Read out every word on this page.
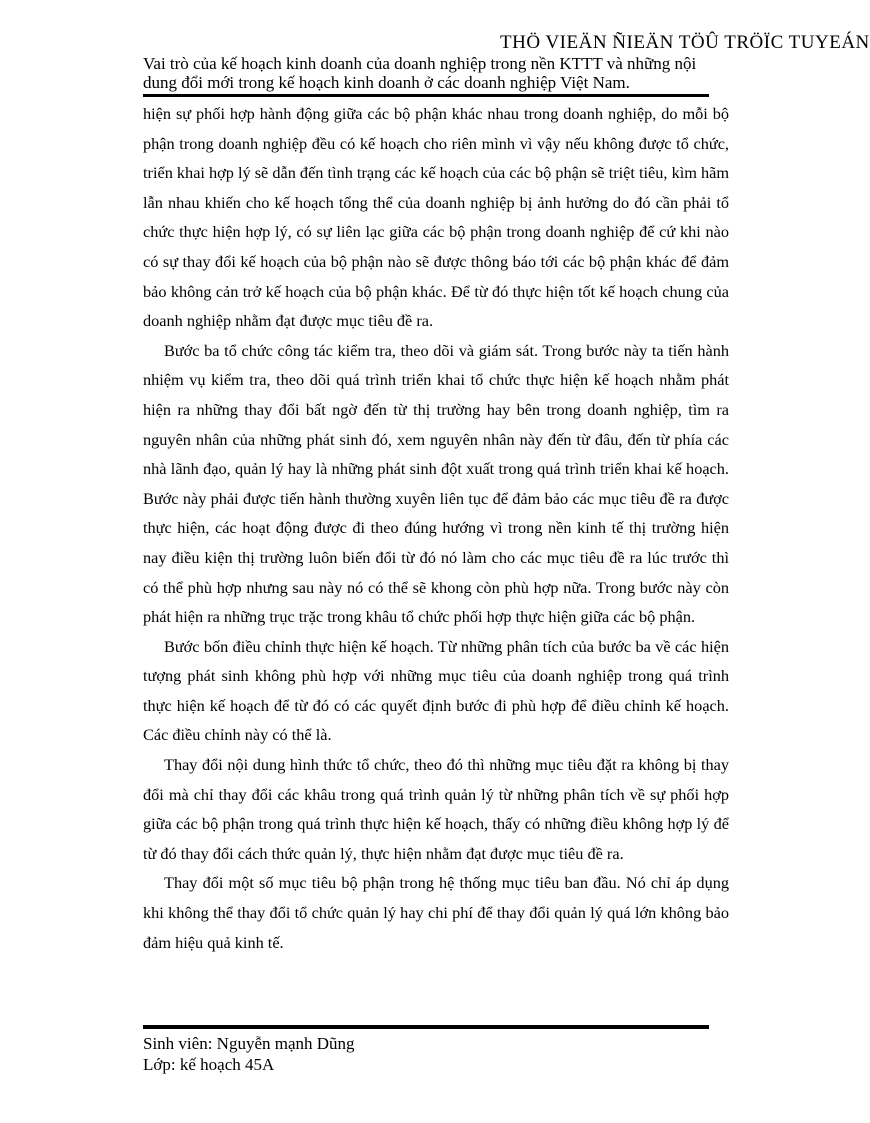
THÖ VIEÄN ÑIEÄN TÖÛ TRÖÏC TUYEÁN
Vai trò của kế hoạch kinh doanh của doanh nghiệp trong nền KTTT và những nội dung đổi mới trong kế hoạch kinh doanh ở các doanh nghiệp Việt Nam.

hiện sự phối hợp hành động giữa các bộ phận khác nhau trong doanh nghiệp, do mỗi bộ phận trong doanh nghiệp đều có kế hoạch cho riên mình vì vậy nếu không được tổ chức, triển khai hợp lý sẽ dẫn đến tình trạng các kế hoạch của các bộ phận sẽ triệt tiêu, kìm hãm lẫn nhau khiến cho kế hoạch tổng thể của doanh nghiệp bị ảnh hưởng do đó cần phải tổ chức thực hiện hợp lý, có sự liên lạc giữa các bộ phận trong doanh nghiệp để cứ khi nào có sự thay đổi kế hoạch của bộ phận nào sẽ được thông báo tới các bộ phận khác để đảm bảo không cản trở kế hoạch của bộ phận khác. Để từ đó thực hiện tốt kế hoạch chung của doanh nghiệp nhằm đạt được mục tiêu đề ra.

Bước ba tổ chức công tác kiểm tra, theo dõi và giám sát. Trong bước này ta tiến hành nhiệm vụ kiểm tra, theo dõi quá trình triển khai tổ chức thực hiện kế hoạch nhằm phát hiện ra những thay đổi bất ngờ đến từ thị trường hay bên trong doanh nghiệp, tìm ra nguyên nhân của những phát sinh đó, xem nguyên nhân này đến từ đâu, đến từ phía các nhà lãnh đạo, quản lý hay là những phát sinh đột xuất trong quá trình triển khai kế hoạch. Bước này phải được tiến hành thường xuyên liên tục để đảm bảo các mục tiêu đề ra được thực hiện, các hoạt động được đi theo đúng hướng vì trong nền kinh tế thị trường hiện nay điều kiện thị trường luôn biến đổi từ đó nó làm cho các mục tiêu đề ra lúc trước thì có thể phù hợp nhưng sau này nó có thể sẽ khong còn phù hợp nữa. Trong bước này còn phát hiện ra những trục trặc trong khâu tổ chức phối hợp thực hiện giữa các bộ phận.

Bước bốn điều chỉnh thực hiện kế hoạch. Từ những phân tích của bước ba về các hiện tượng phát sinh không phù hợp với những mục tiêu của doanh nghiệp trong quá trình thực hiện kế hoạch để từ đó có các quyết định bước đi phù hợp để điều chỉnh kế hoạch. Các điều chỉnh này có thể là.

Thay đổi nội dung hình thức tổ chức, theo đó thì những mục tiêu đặt ra không bị thay đổi mà chỉ thay đổi các khâu trong quá trình quản lý từ những phân tích về sự phối hợp giữa các bộ phận trong quá trình thực hiện kế hoạch, thấy có những điều không hợp lý để từ đó thay đổi cách thức quản lý, thực hiện nhằm đạt được mục tiêu đề ra.

Thay đổi một số mục tiêu bộ phận trong hệ thống mục tiêu ban đầu. Nó chỉ áp dụng khi không thể thay đổi tổ chức quản lý hay chi phí để thay đổi quản lý quá lớn không bảo đảm hiệu quả kinh tế.

Sinh viên: Nguyễn mạnh Dũng
Lớp: kế hoạch 45A
